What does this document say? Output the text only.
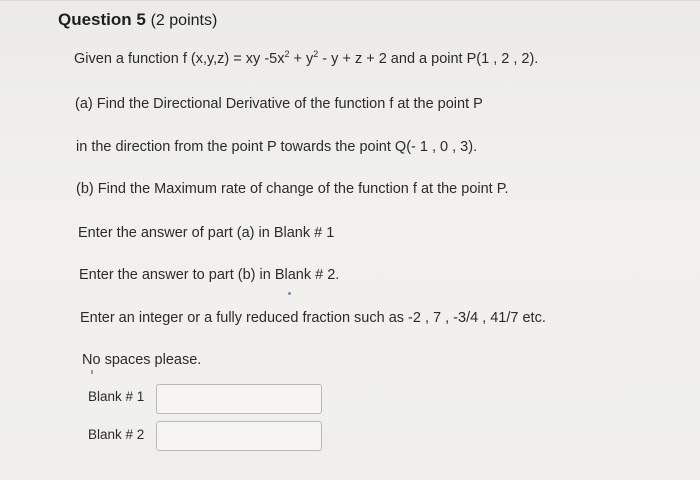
Question 5 (2 points)
Given a function f (x,y,z) = xy $-5x^2 + y^2 - y + z + 2$ and a point P(1 , 2 , 2).
(a) Find the Directional Derivative of the function f at the point P
in the direction from the point P towards the point Q(- 1 , 0 , 3).
(b) Find the Maximum rate of change of the function f at the point P.
Enter the answer of part (a) in Blank # 1
Enter the answer to part (b) in Blank # 2.
Enter an integer or a fully reduced fraction such as -2 , 7 , -3/4 , 41/7 etc.
No spaces please.
Blank # 1
Blank # 2
